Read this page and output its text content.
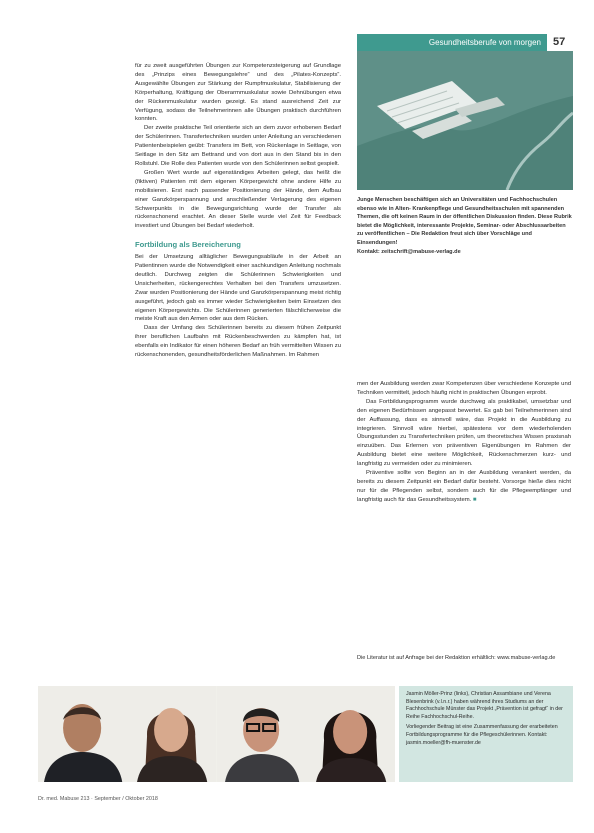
Gesundheitsberufe von morgen	57
Junge Menschen beschäftigen sich an Universitäten und Fachhochschulen ebenso wie in Alten- Krankenpflege und Gesundheitsschulen mit spannenden Themen, die oft keinen Raum in der öffentlichen Diskussion finden. Diese Rubrik bietet die Möglichkeit, interessante Projekte, Seminar- oder Abschlussarbeiten zu veröffentlichen – Die Redaktion freut sich über Vorschläge und Einsendungen!
Kontakt: zeitschrift@mabuse-verlag.de

für zu zweit ausgeführten Übungen zur Kompetenzsteigerung auf Grundlage des „Prinzips eines Bewegungslehre“ und des „Pilates-Konzepts“. Ausgewählte Übungen zur Stärkung der Rumpfmuskulatur, Stabilisierung der Körperhaltung, Kräftigung der Oberarmmuskulatur sowie Dehnübungen etwa der Rückenmuskulatur wurden gezeigt. Es stand ausreichend Zeit zur Verfügung, sodass die Teilnehmerinnen alle Übungen praktisch durchführen konnten.

Der zweite praktische Teil orientierte sich an dem zuvor erhobenen Bedarf der Schülerinnen. Transfertechniken wurden unter Anleitung an verschiedenen Patientenbeispielen geübt: Transfers im Bett, von Rückenlage in Seitlage, von Seitlage in den Sitz am Bettrand und von dort aus in den Stand bis in den Rollstuhl. Die Rolle des Patienten wurde von den Schülerinnen selbst gespielt.

Großen Wert wurde auf eigenständiges Arbeiten gelegt, das heißt die (fiktiven) Patienten mit dem eigenen Körpergewicht ohne andere Hilfe zu mobilisieren. Erst nach passender Positionierung der Hände, dem Aufbau einer Ganzkörperspannung und anschließender Verlagerung des eigenen Schwerpunkts in die Bewegungsrichtung wurde der Transfer als rückenschonend erachtet. An dieser Stelle wurde viel Zeit für Feedback investiert und Übungen bei Bedarf wiederholt.

Fortbildung als Bereicherung

Bei der Umsetzung alltäglicher Bewegungsabläufe in der Arbeit an Patientinnen wurde die Notwendigkeit einer sachkundigen Anleitung nochmals deutlich. Durchweg zeigten die Schülerinnen Schwierigkeiten und Unsicherheiten, rückengerechtes Verhalten bei den Transfers umzusetzen. Zwar wurden Positionierung der Hände und Ganzkörperspannung meist richtig ausgeführt, jedoch gab es immer wieder Schwierigkeiten beim Einsetzen des eigenen Körpergewichts. Die Schülerinnen generierten fälschlicherweise die meiste Kraft aus den Armen oder aus dem Rücken.

Dass der Umfang des Schülerinnen bereits zu diesem frühen Zeitpunkt ihrer beruflichen Laufbahn mit Rückenbeschwerden zu kämpfen hat, ist ebenfalls ein Indikator für einen höheren Bedarf an früh vermittelten Wissen zu rückenschonenden, gesundheitsförderlichen Maßnahmen. Im Rahmen

men der Ausbildung werden zwar Kompetenzen über verschiedene Konzepte und Techniken vermittelt, jedoch häufig nicht in praktischen Übungen erprobt.

Das Fortbildungsprogramm wurde durchweg als praktikabel, umsetzbar und den eigenen Bedürfnissen angepasst bewertet. Es gab bei Teilnehmerinnen sind der Auffassung, dass es sinnvoll wäre, das Projekt in die Ausbildung zu integrieren. Sinnvoll wäre hierbei, spätestens vor dem wiederholenden Übungsstunden zu Transfertechniken prüfen, um theoretisches Wissen praxisnah einzuüben. Das Erlernen von präventiven Eigenübungen im Rahmen der Ausbildung bietet eine weitere Möglichkeit, Rückenschmerzen kurz- und langfristig zu vermeiden oder zu minimieren.

Präventive sollte von Beginn an in der Ausbildung verankert werden, da bereits zu diesem Zeitpunkt ein Bedarf dafür besteht. Vorsorge hieße dies nicht nur für die Pflegenden selbst, sondern auch für die Pflegeempfänger und langfristig auch für das Gesundheitssystem. ■

Die Literatur ist auf Anfrage bei der Redaktion erhältlich: www.mabuse-verlag.de

Jasmin Möller-Prinz (links), Christian Assambiane und Verena Blesenbrink (v.l.n.r.) haben während ihres Studiums an der Fachhochschule Münster das Projekt „Prävention ist gefragt“ in der Reihe Fachhochschul-Reihe.

Vorliegender Beitrag ist eine Zusammenfassung der erarbeiteten Fortbildungsprogramme für die Pflegeschülerinnen. Kontakt: jasmin.moeller@fh-muenster.de

Dr. med. Mabuse 213 · September / Oktober 2018
